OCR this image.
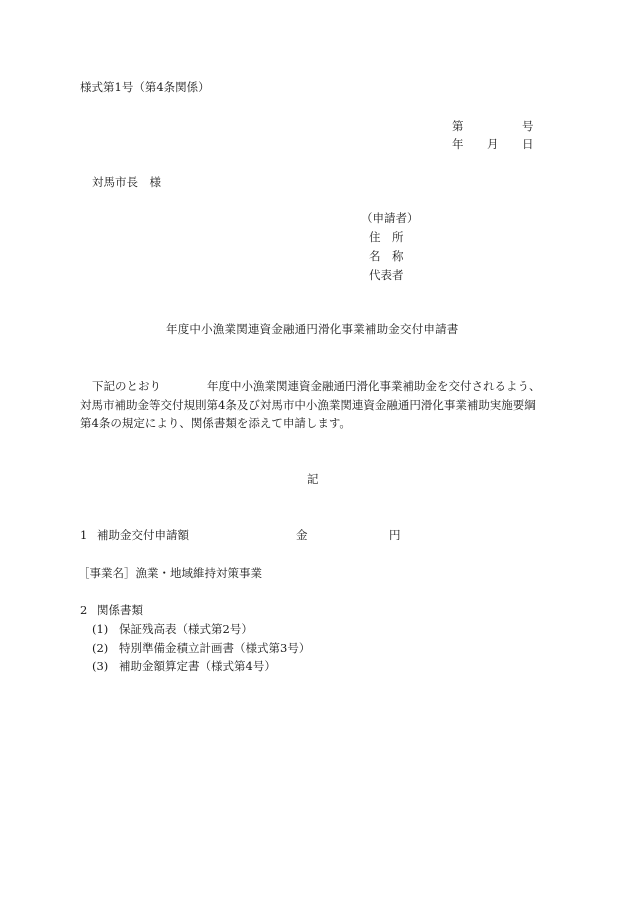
様式第1号（第4条関係）
第	号
年 月 日
対馬市長　様
（申請者）
住　所
名　称
代表者
年度中小漁業関連資金融通円滑化事業補助金交付申請書
下記のとおり　　　　年度中小漁業関連資金融通円滑化事業補助金を交付されるよう、
対馬市補助金等交付規則第4条及び対馬市中小漁業関連資金融通円滑化事業補助実施要綱
第4条の規定により、関係書類を添えて申請します。
記
1 補助金交付申請額	金	円
［事業名］漁業・地域維持対策事業
2 関係書類
(1) 保証残高表（様式第2号）
(2) 特別準備金積立計画書（様式第3号）
(3) 補助金額算定書（様式第4号）
